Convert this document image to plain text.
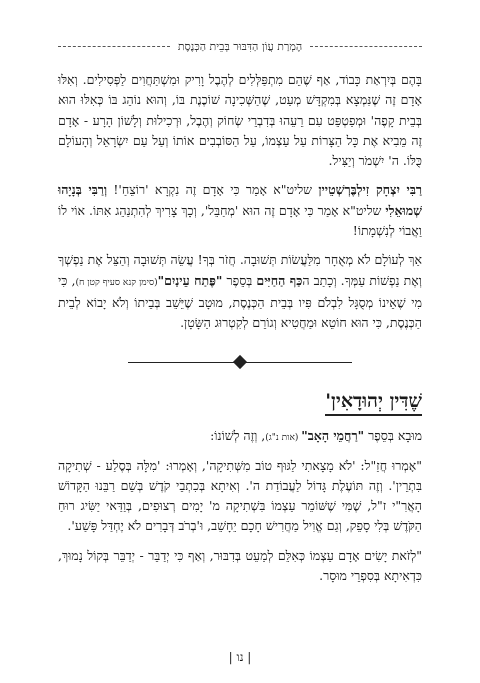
הֶמְרַת עֲוֹן הַדִּבּוּר בְּבֵית הַכְּנֶסֶת

בָּהֶם בְּיִרְאַת כָּבוֹד, אַף שֶׁהֵם מִתְפַּלְּלִים לְהֶבֶל וָרִיק וּמִשְׁתַּחֲוִים לַפְּסִילִים. וְאִלּוּ אָדָם זֶה שֶׁנִּמְצָא בְּמִקְדָּשׁ מְעַט, שֶׁהַשְּׁכִינָה שׁוֹכֶנֶת בּוֹ, וְהוּא נוֹהֵג בּוֹ כְּאִלּוּ הוּא בְּבֵית קָפֶה' וּמְפַטְפֵּט עִם רֵעֵהוּ בְּדִבְרֵי שְׂחוֹק וְהֶבֶל, וּרְכִילוּת וְלָשׁוֹן הָרָע - אָדָם זֶה מֵבִיא אֶת כָּל הַצָּרוֹת עַל עַצְמוֹ, עַל הַסּוֹבְבִים אוֹתוֹ וְעַל עַם יִשְׂרָאֵל וְהָעוֹלָם כֻּלּוֹ. ה' יִשְׁמֹר וְיַצִּיל.

רַבִּי יִצְחָק זִילְבֶּרְשְׁטֵיין שליט"א אָמַר כִּי אָדָם זֶה נִקְרָא 'רוֹצֵחַ'! וְרַבִּי בְּנָיָהוּ שְׁמוּאֵלִי שליט"א אָמַר כִּי אָדָם זֶה הוּא 'מְחַבֵּל', וְכָךְ צָרִיךְ לְהִתְנַהֵג אִתּוֹ. אוֹי לוֹ וַאֲבוֹי לְנִשְׁמָתוֹ!

אַךְ לְעוֹלָם לֹא מְאֻחָר מִלַּעֲשׂוֹת תְּשׁוּבָה. חֲזֹר בְּךָ! עֲשֵׂה תְּשׁוּבָה וְהַצֵּל אֶת נַפְשְׁךָ וְאֶת נַפְשׁוֹת עַמְּךָ. וְכָתַב הכַּף הַחַיִּים בְּסֵפֶר "פֶּתַח עֵינַיִם"(סימן קנא סעיף קטן ח), כִּי מִי שֶׁאֵינוֹ מְסֻגָּל לִבְלֹם פִּיו בְּבֵית הַכְּנֶסֶת, מוּטָב שֶׁיֵּשֵׁב בְּבֵיתוֹ וְלֹא יָבוֹא לְבֵית הַכְּנֶסֶת, כִּי הוּא חוֹטֵא וּמַחֲטִיא וְגוֹרֵם לְקִטְרוּג הַשָּׂטָן.

שֶׁדִּין יְהוּדָאִין'

מוּבָא בְּסֵפֶר "רַחֲמֵי הָאָב" (אות נ"ג), וְזֶה לְשׁוֹנוֹ:

"אָמְרוּ חֲזַ"ל: 'לֹא מָצָאתִי לַגּוּף טוֹב מִשְּׁתִיקָה', וְאָמְרוּ: 'מִלָּה בְּסֶלַע - שְׁתִיקָה בִּתְרֵין'. וְזֶה תּוֹעֶלֶת גָּדוֹל לַעֲבוֹדַת ה'. וְאִיתָא בְּכִתְבֵי קֹדֶשׁ בְּשֵׁם רַבֵּנוּ הַקָּדוֹשׁ הָאֲרִ"י ז"ל, שֶׁמִּי שֶׁשּׁוֹמֵר עַצְמוֹ בִּשְׁתִיקָה מ' יָמִים רְצוּפִים, בְּוַדַּאי יַשִּׂיג רוּחַ הַקֹּדֶשׁ בְּלִי סָפֵק, וְגַם אֱוִיל מַחֲרִישׁ חָכָם יֵחָשֵׁב, וּ'בְרֹב דְּבָרִים לֹא יֶחְדַּל פָּשַׁע'.

"לְזֹאת יָשִׂים אָדָם עַצְמוֹ כְּאִלֵּם לְמַעֵט בְּדִבּוּר, וְאַף כִּי יְדַבֵּר - יְדַבֵּר בְּקוֹל נָמוּךְ, כִּדְאִיתָא בְּסִפְרֵי מוּסָר.

| נו |
